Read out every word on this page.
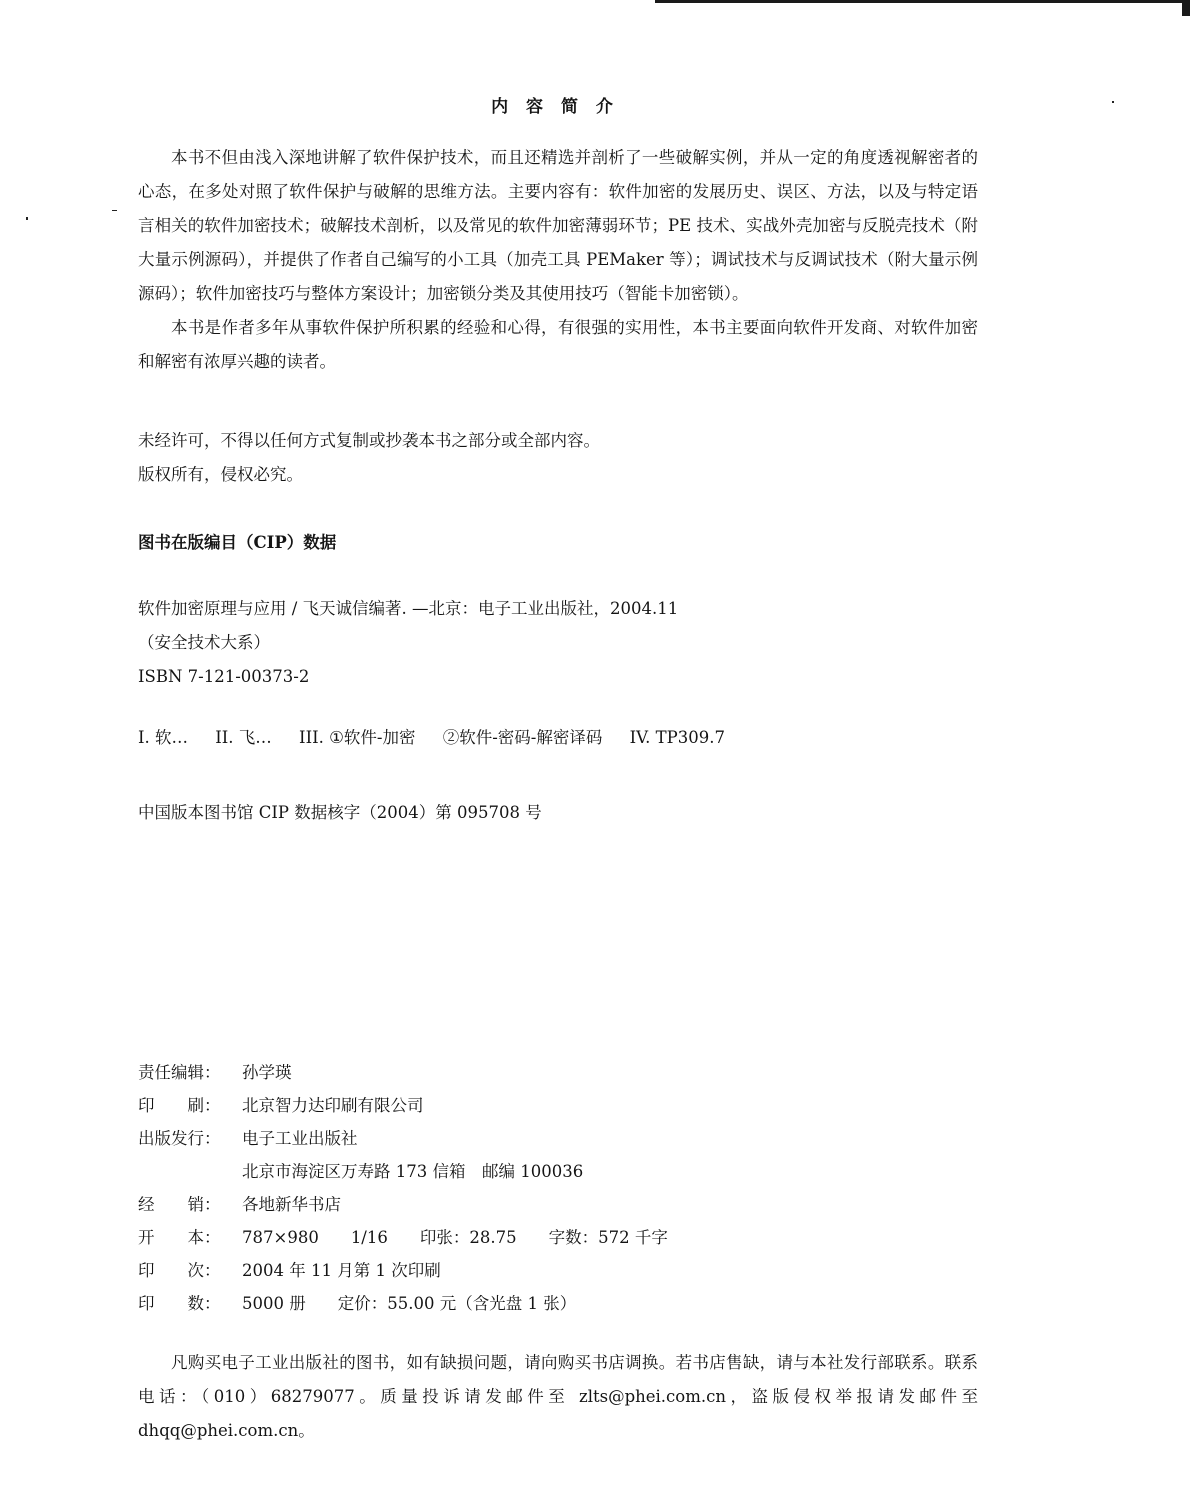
内 容 简 介

本书不但由浅入深地讲解了软件保护技术，而且还精选并剖析了一些破解实例，并从一定的角度透视解密者的心态，在多处对照了软件保护与破解的思维方法。主要内容有：软件加密的发展历史、误区、方法，以及与特定语言相关的软件加密技术；破解技术剖析，以及常见的软件加密薄弱环节；PE 技术、实战外壳加密与反脱壳技术（附大量示例源码），并提供了作者自己编写的小工具（加壳工具 PEMaker 等）；调试技术与反调试技术（附大量示例源码）；软件加密技巧与整体方案设计；加密锁分类及其使用技巧（智能卡加密锁）。

本书是作者多年从事软件保护所积累的经验和心得，有很强的实用性，本书主要面向软件开发商、对软件加密和解密有浓厚兴趣的读者。

未经许可，不得以任何方式复制或抄袭本书之部分或全部内容。

版权所有，侵权必究。

图书在版编目（CIP）数据

软件加密原理与应用 / 飞天诚信编著. —北京：电子工业出版社，2004.11

（安全技术大系）

ISBN 7-121-00373-2

I. 软… II. 飞… III. ①软件-加密 ②软件-密码-解密译码 IV. TP309.7

中国版本图书馆 CIP 数据核字（2004）第 095708 号

责任编辑： 孙学瑛
印　　刷： 北京智力达印刷有限公司
出版发行： 电子工业出版社
北京市海淀区万寿路 173 信箱　邮编 100036
经　　销： 各地新华书店
开　　本： 787×980 1/16 印张：28.75 字数：572 千字
印　　次： 2004 年 11 月第 1 次印刷
印　　数： 5000 册 定价：55.00 元（含光盘 1 张）

凡购买电子工业出版社的图书，如有缺损问题，请向购买书店调换。若书店售缺，请与本社发行部联系。联系电话：（010）68279077。质量投诉请发邮件至 zlts@phei.com.cn，盗版侵权举报请发邮件至 dhqq@phei.com.cn。
